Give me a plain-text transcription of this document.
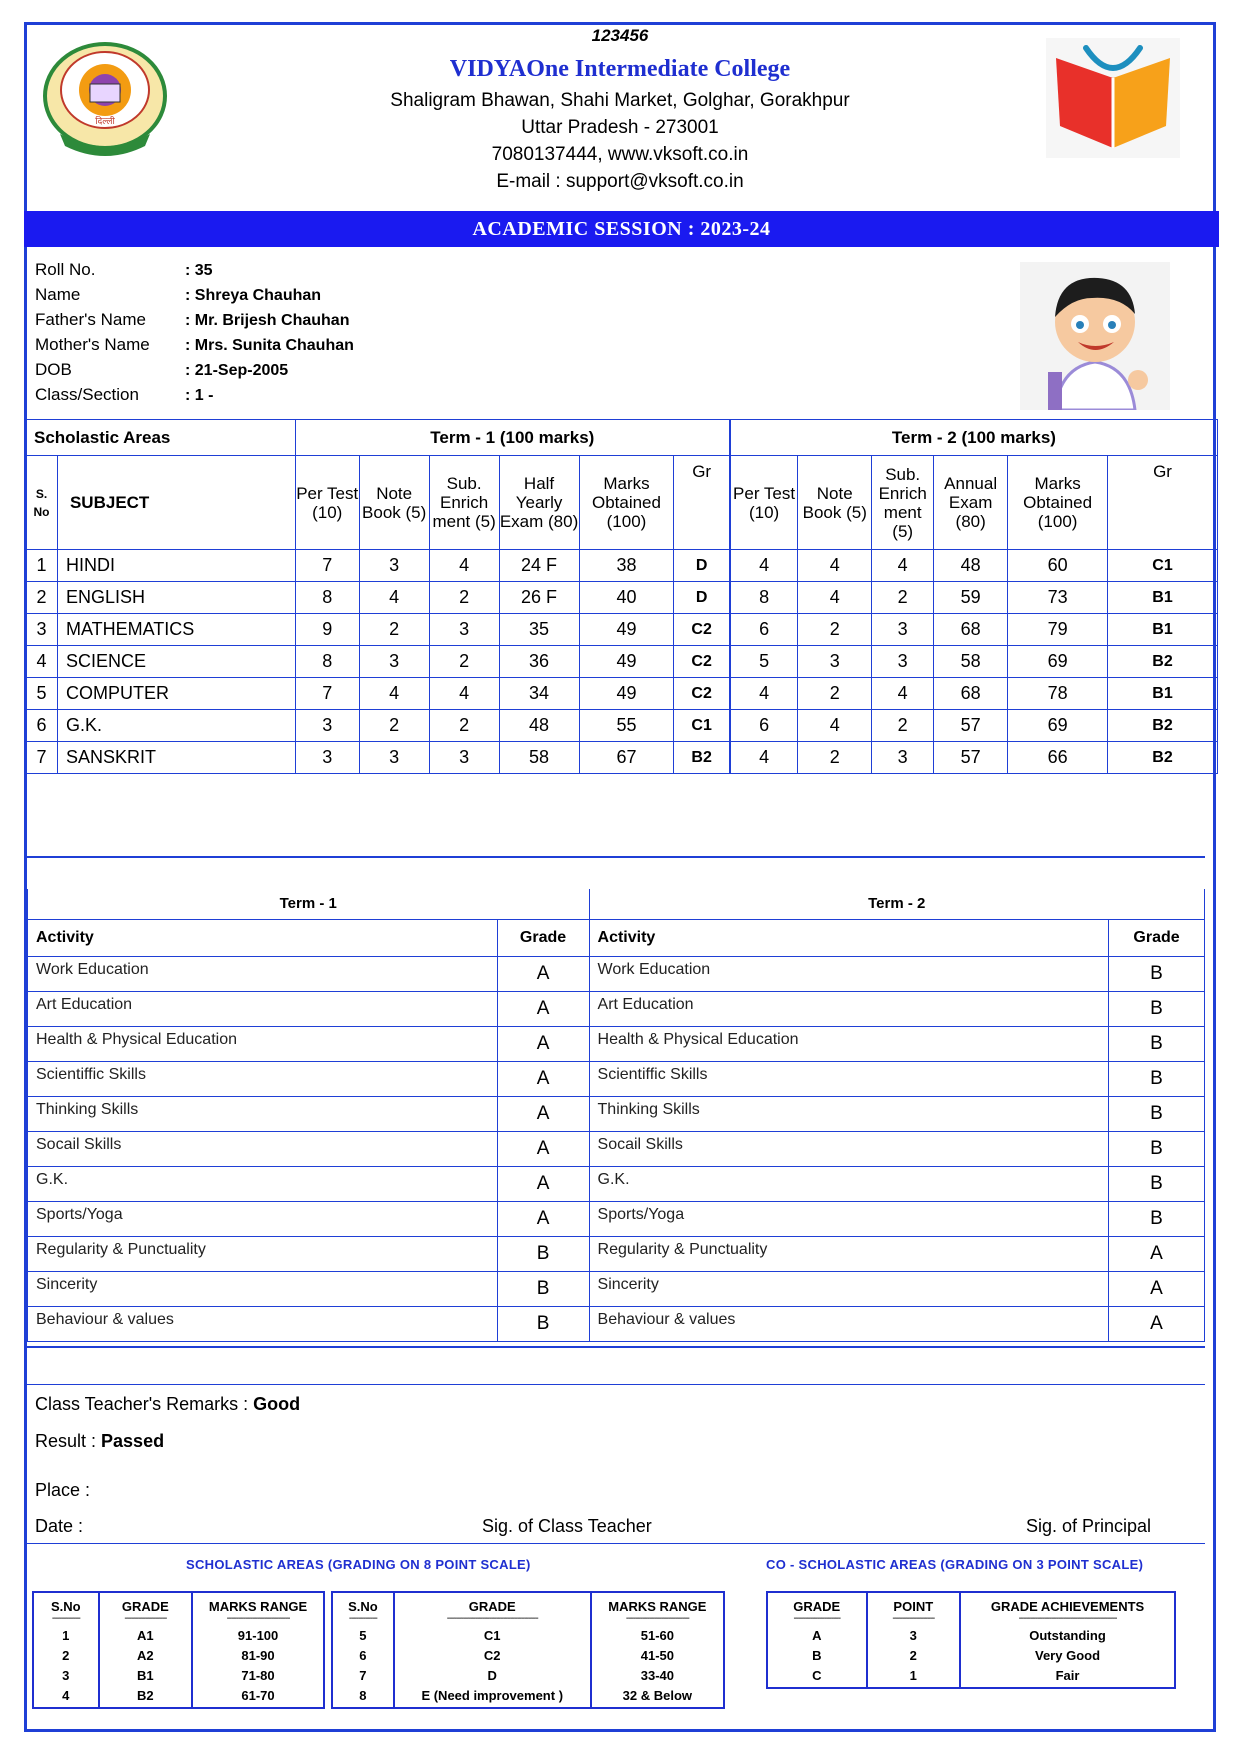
123456
दिल्ली
VIDYAOne Intermediate College
Shaligram Bhawan, Shahi Market, Golghar, Gorakhpur
Uttar Pradesh - 273001
7080137444, www.vksoft.co.in
E-mail : support@vksoft.co.in
ACADEMIC SESSION : 2023-24
Roll No.	: 35
Name	: Shreya Chauhan
Father's Name : Mr. Brijesh Chauhan
Mother's Name : Mrs. Sunita Chauhan
DOB	: 21-Sep-2005
Class/Section	: 1 -
Scholastic Areas		Term - 1 (100 marks)						Term - 2 (100 marks)					
S. No	SUBJECT	Per Test (10)	Note Book (5)	Sub. Enrich ment (5)	Half Yearly Exam (80)	Marks Obtained (100)	Gr	Per Test (10)	Note Book (5)	Sub. Enrich ment (5)	Annual Exam (80)	Marks Obtained (100)	Gr
1	HINDI	7	3	4	24 F	38	D	4	4	4	48	60	C1
2	ENGLISH	8	4	2	26 F	40	D	8	4	2	59	73	B1
3	MATHEMATICS	9	2	3	35	49	C2	6	2	3	68	79	B1
4	SCIENCE	8	3	2	36	49	C2	5	3	3	58	69	B2
5	COMPUTER	7	4	4	34	49	C2	4	2	4	68	78	B1
6	G.K.	3	2	2	48	55	C1	6	4	2	57	69	B2
7	SANSKRIT	3	3	3	58	67	B2	4	2	3	57	66	B2
Term - 1		Term - 2	
Activity	Grade	Activity	Grade
Work Education	A	Work Education	B
Art Education	A	Art Education	B
Health & Physical Education	A	Health & Physical Education	B
Scientiffic Skills	A	Scientiffic Skills	B
Thinking Skills	A	Thinking Skills	B
Socail Skills	A	Socail Skills	B
G.K.	A	G.K.	B
Sports/Yoga	A	Sports/Yoga	B
Regularity & Punctuality	B	Regularity & Punctuality	A
Sincerity	B	Sincerity	A
Behaviour & values	B	Behaviour & values	A
Class Teacher's Remarks : Good
Result : Passed
Place :
Date :	Sig. of Class Teacher	Sig. of Principal
SCHOLASTIC AREAS (GRADING ON 8 POINT SCALE)	CO - SCHOLASTIC AREAS (GRADING ON 3 POINT SCALE)
S.No	GRADE	MARKS RANGE
------------	------------------	---------------------------
1	A1	91-100
2	A2	81-90
3	B1	71-80
4	B2	61-70
S.No	GRADE	MARKS RANGE
------------	---------------------------------------	---------------------------
5	C1	51-60
6	C2	41-50
7	D	33-40
8	E (Need improvement )	32 & Below
GRADE	POINT	GRADE ACHIEVEMENTS
--------------------	------------------	------------------------------------------
A	3	Outstanding
B	2	Very Good
C	1	Fair
